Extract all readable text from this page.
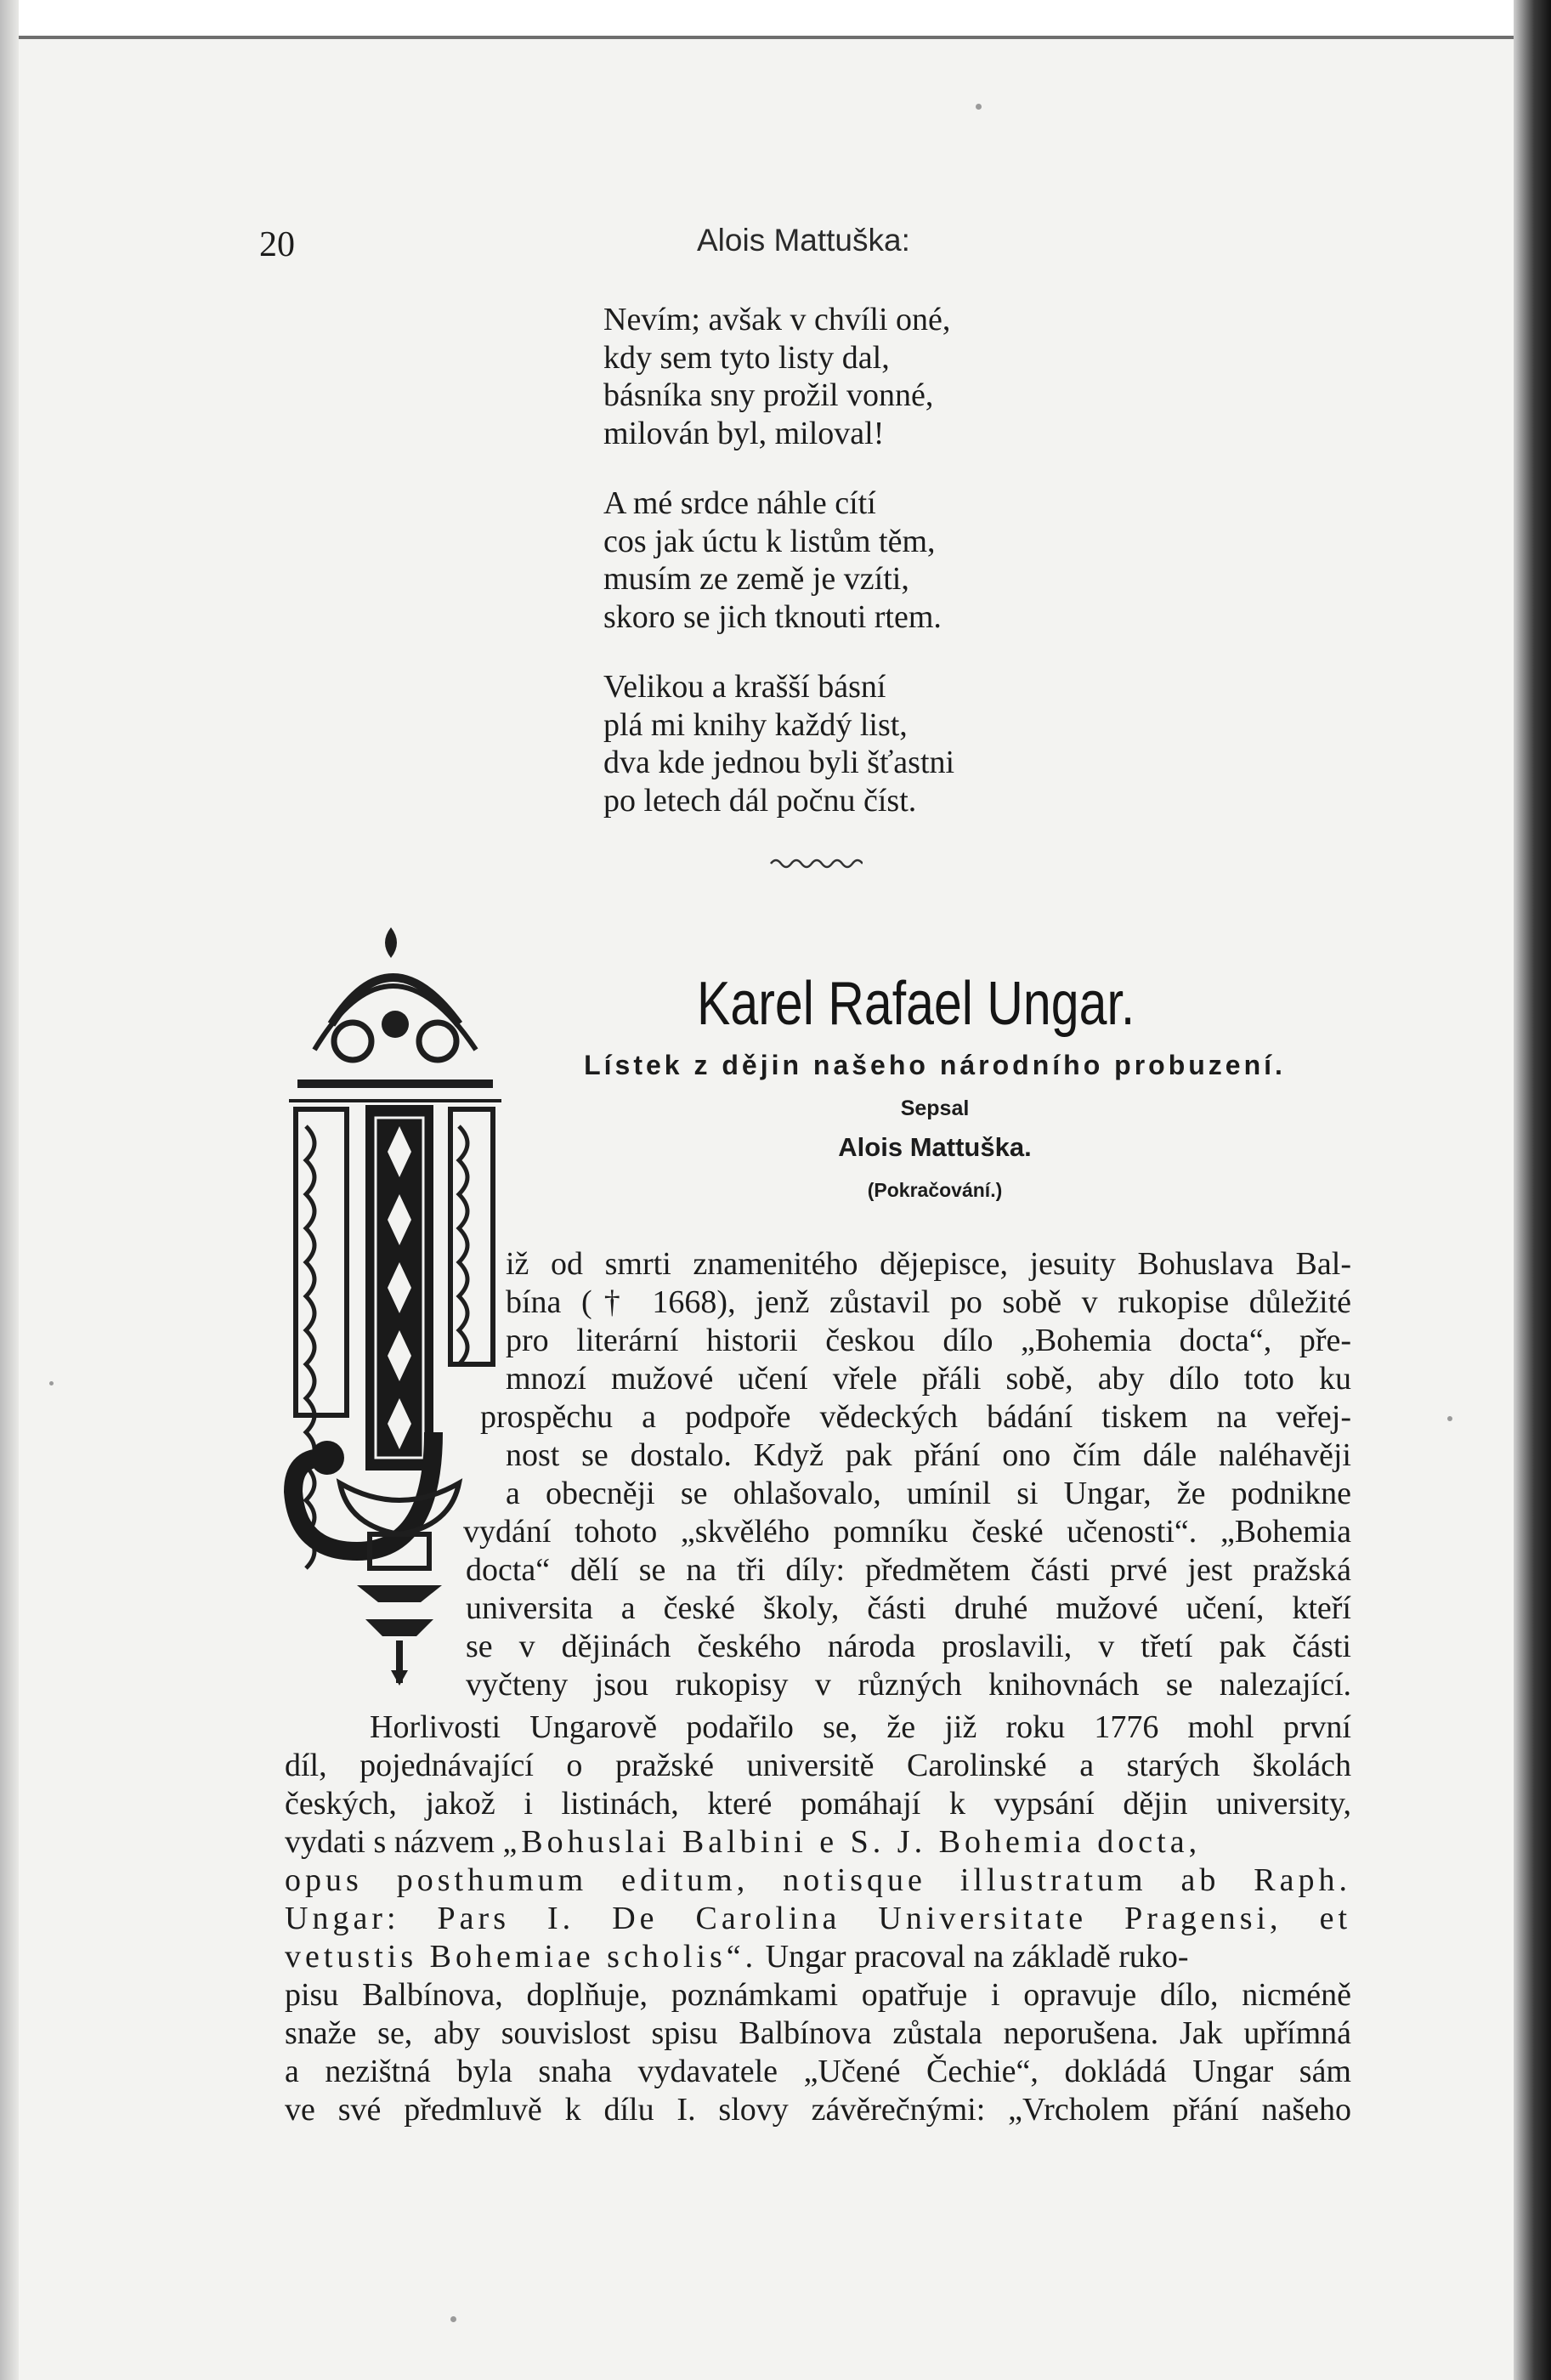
20	Alois Mattuška:
Nevím; avšak v chvíli oné,
kdy sem tyto listy dal,
básníka sny prožil vonné,
milován byl, miloval!
A mé srdce náhle cítí
cos jak úctu k listům těm,
musím ze země je vzíti,
skoro se jich tknouti rtem.
Velikou a krašší básní
plá mi knihy každý list,
dva kde jednou byli šťastni
po letech dál počnu číst.
Karel Rafael Ungar.
Lístek z dějin našeho národního probuzení.
Sepsal
Alois Mattuška.
(Pokračování.)
iž od smrti znamenitého dějepisce, jesuity Bohuslava Bal-
bína († 1668), jenž zůstavil po sobě v rukopise důležité
pro literární historii českou dílo „Bohemia docta“, pře-
mnozí mužové učení vřele přáli sobě, aby dílo toto ku
prospěchu a podpoře vědeckých bádání tiskem na veřej-
nost se dostalo. Když pak přání ono čím dále naléhavěji
a obecněji se ohlašovalo, umínil si Ungar, že podnikne
vydání tohoto „skvělého pomníku české učenosti“. „Bohemia
docta“ dělí se na tři díly: předmětem části prvé jest pražská
universita a české školy, části druhé mužové učení, kteří
se v dějinách českého národa proslavili, v třetí pak části
vyčteny jsou rukopisy v různých knihovnách se nalezající.
Horlivosti Ungarově podařilo se, že již roku 1776 mohl první
díl, pojednávající o pražské universitě Carolinské a starých školách
českých, jakož i listinách, které pomáhají k vypsání dějin university,
vydati s názvem „Bohuslai Balbini e S. J. Bohemia docta,
opus posthumum editum, notisque illustratum ab Raph.
Ungar: Pars I. De Carolina Universitate Pragensi, et
vetustis Bohemiae scholis“. Ungar pracoval na základě ruko-
pisu Balbínova, doplňuje, poznámkami opatřuje i opravuje dílo, nicméně
snaže se, aby souvislost spisu Balbínova zůstala neporušena. Jak upřímná
a nezištná byla snaha vydavatele „Učené Čechie“, dokládá Ungar sám
ve své předmluvě k dílu I. slovy závěrečnými: „Vrcholem přání našeho
